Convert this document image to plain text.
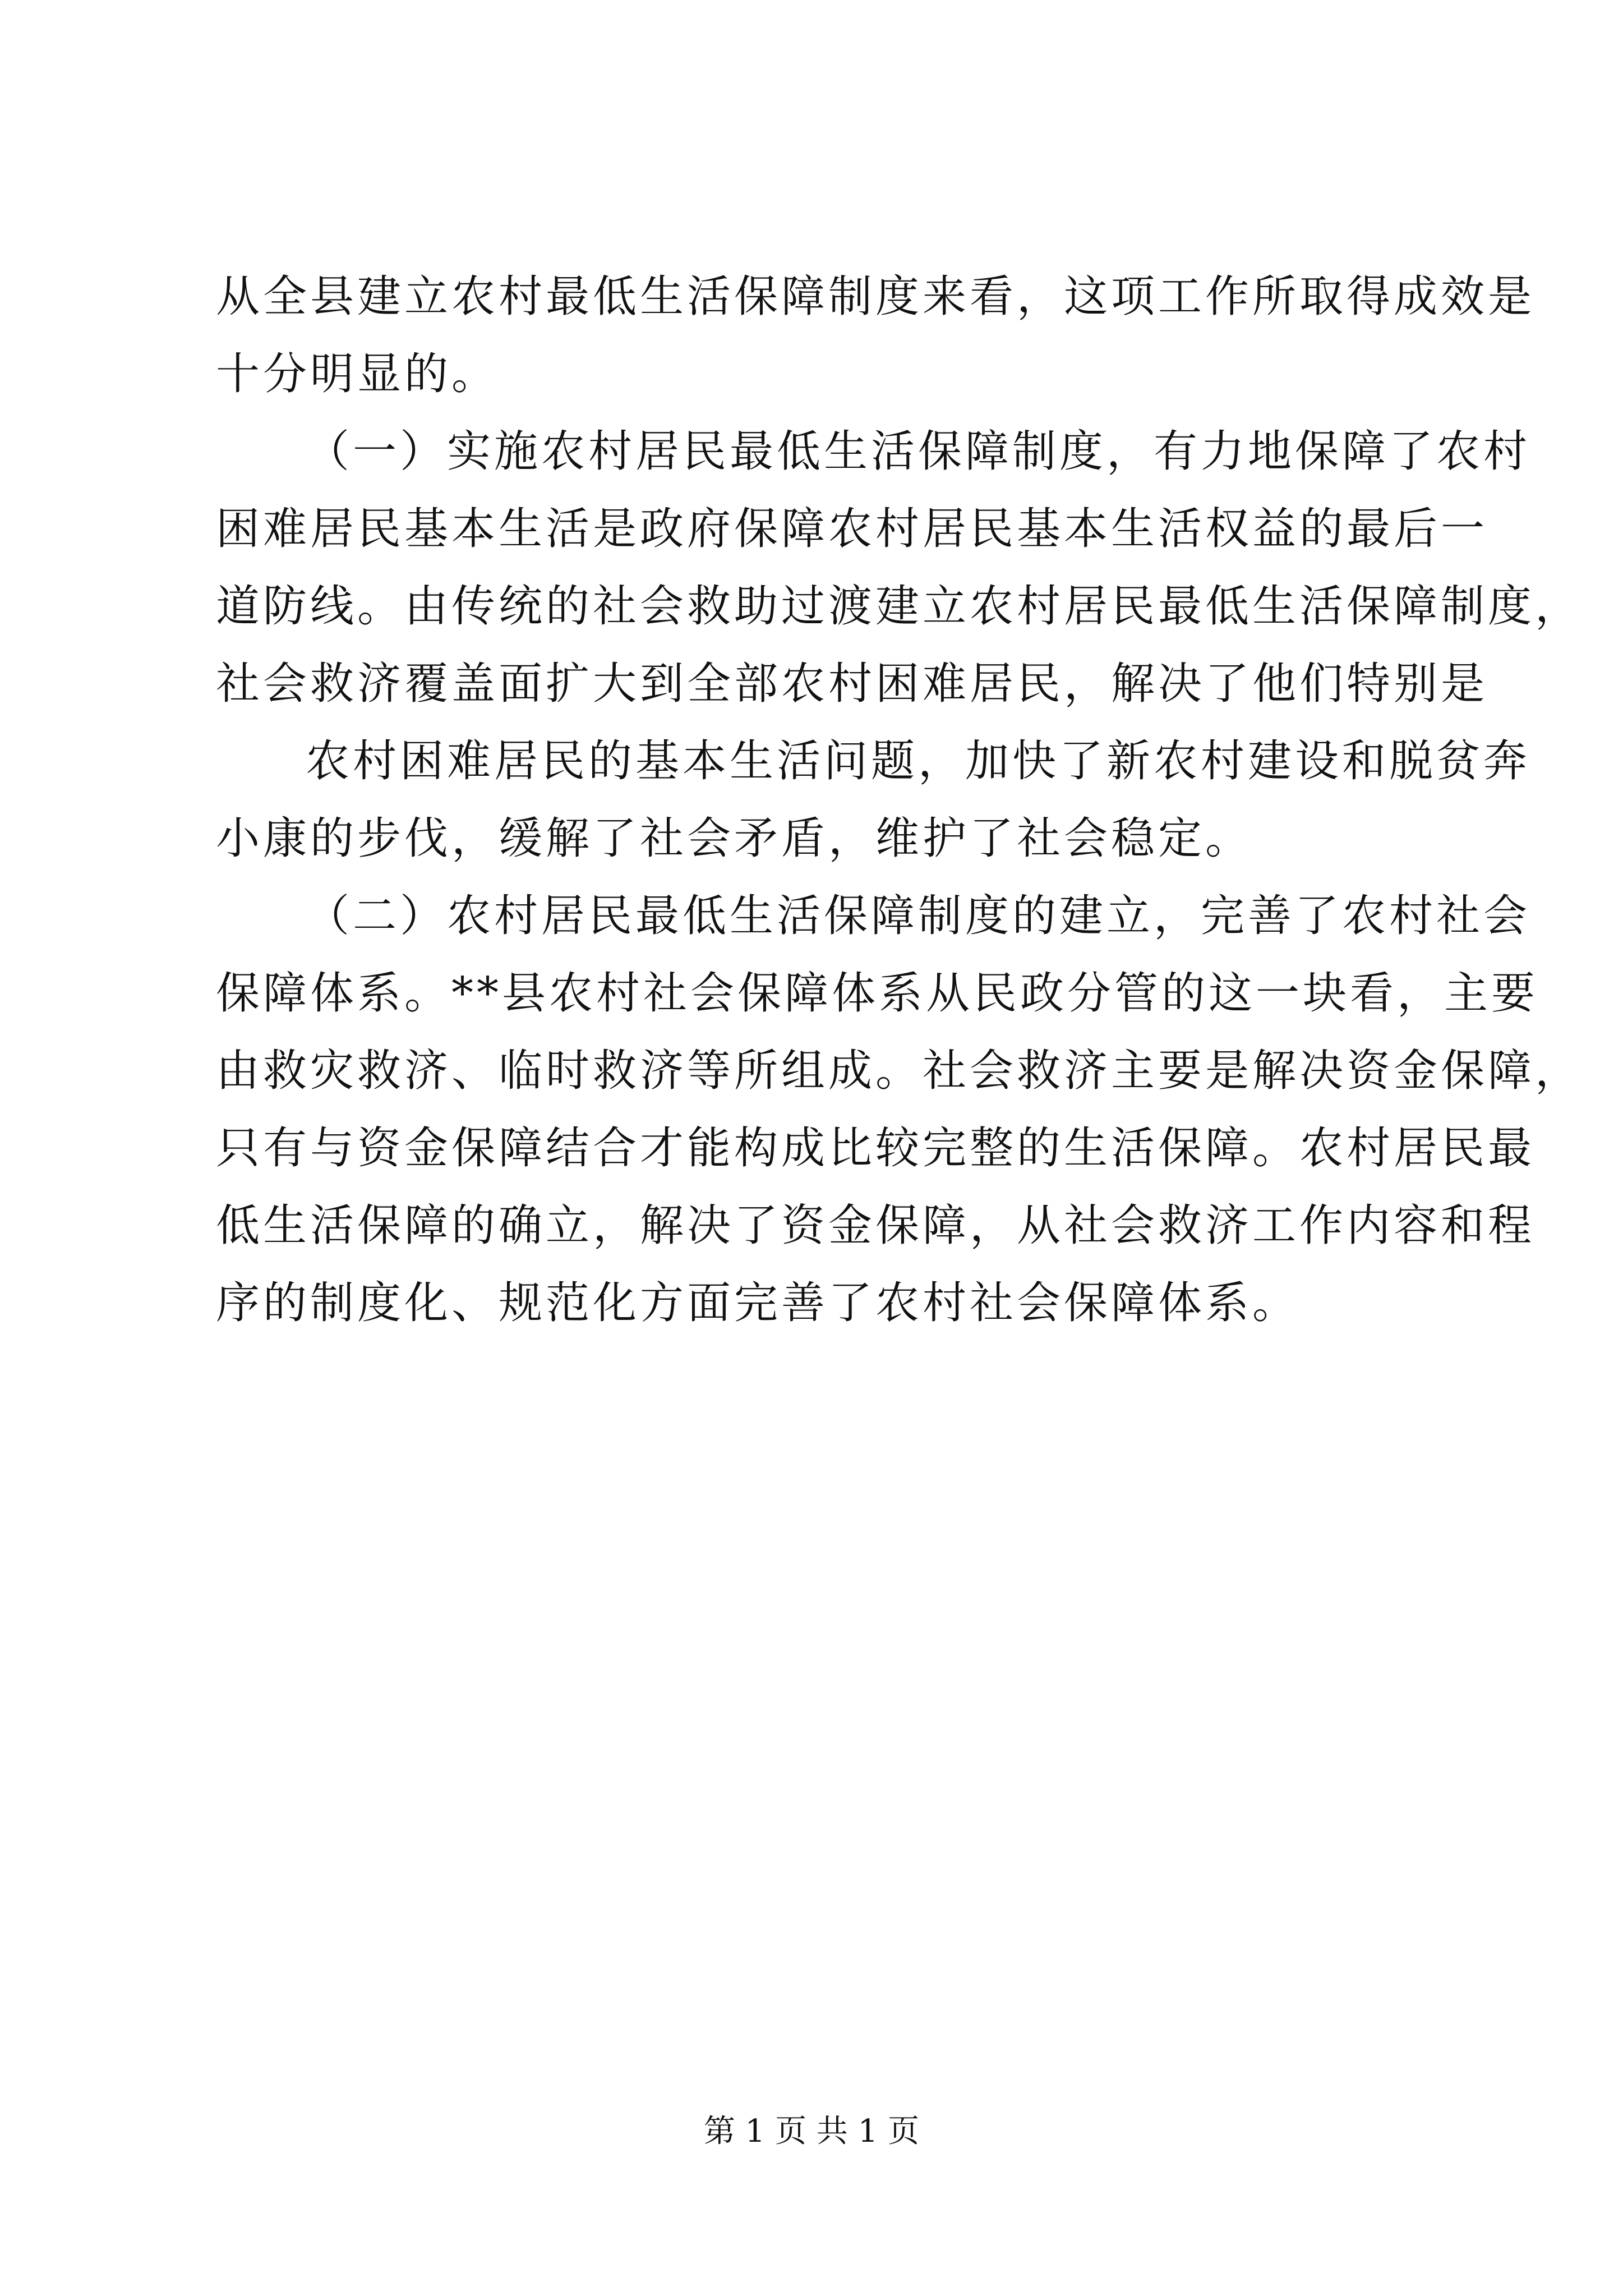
从全县建立农村最低生活保障制度来看，这项工作所取得成效是
十分明显的。
（一）实施农村居民最低生活保障制度，有力地保障了农村
困难居民基本生活是政府保障农村居民基本生活权益的最后一
道防线。由传统的社会救助过渡建立农村居民最低生活保障制度，
社会救济覆盖面扩大到全部农村困难居民，解决了他们特别是
农村困难居民的基本生活问题，加快了新农村建设和脱贫奔
小康的步伐，缓解了社会矛盾，维护了社会稳定。
（二）农村居民最低生活保障制度的建立，完善了农村社会
保障体系。**县农村社会保障体系从民政分管的这一块看，主要
由救灾救济、临时救济等所组成。社会救济主要是解决资金保障，
只有与资金保障结合才能构成比较完整的生活保障。农村居民最
低生活保障的确立，解决了资金保障，从社会救济工作内容和程
序的制度化、规范化方面完善了农村社会保障体系。
第 1 页 共 1 页
